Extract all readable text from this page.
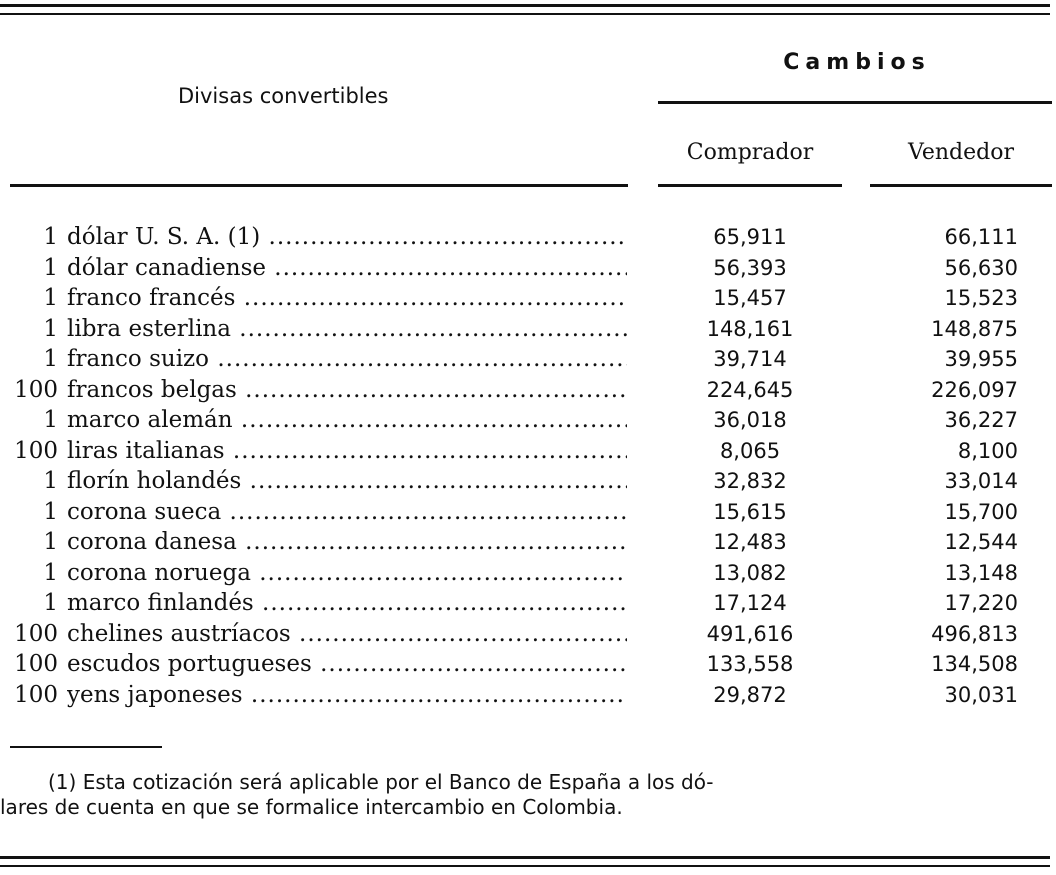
Divisas convertibles
Cambios
Comprador	Vendedor
1 dólar U. S. A. (1) .....	65,911	66,111
1 dólar canadiense .....	56,393	56,630
1 franco francés .....	15,457	15,523
1 libra esterlina .....	148,161	148,875
1 franco suizo .....	39,714	39,955
100 francos belgas .....	224,645	226,097
1 marco alemán .....	36,018	36,227
100 liras italianas .....	8,065	8,100
1 florín holandés .....	32,832	33,014
1 corona sueca .....	15,615	15,700
1 corona danesa .....	12,483	12,544
1 corona noruega .....	13,082	13,148
1 marco finlandés .....	17,124	17,220
100 chelines austríacos .....	491,616	496,813
100 escudos portugueses .....	133,558	134,508
100 yens japoneses .....	29,872	30,031
(1) Esta cotización será aplicable por el Banco de España a los dó-
lares de cuenta en que se formalice intercambio en Colombia.
